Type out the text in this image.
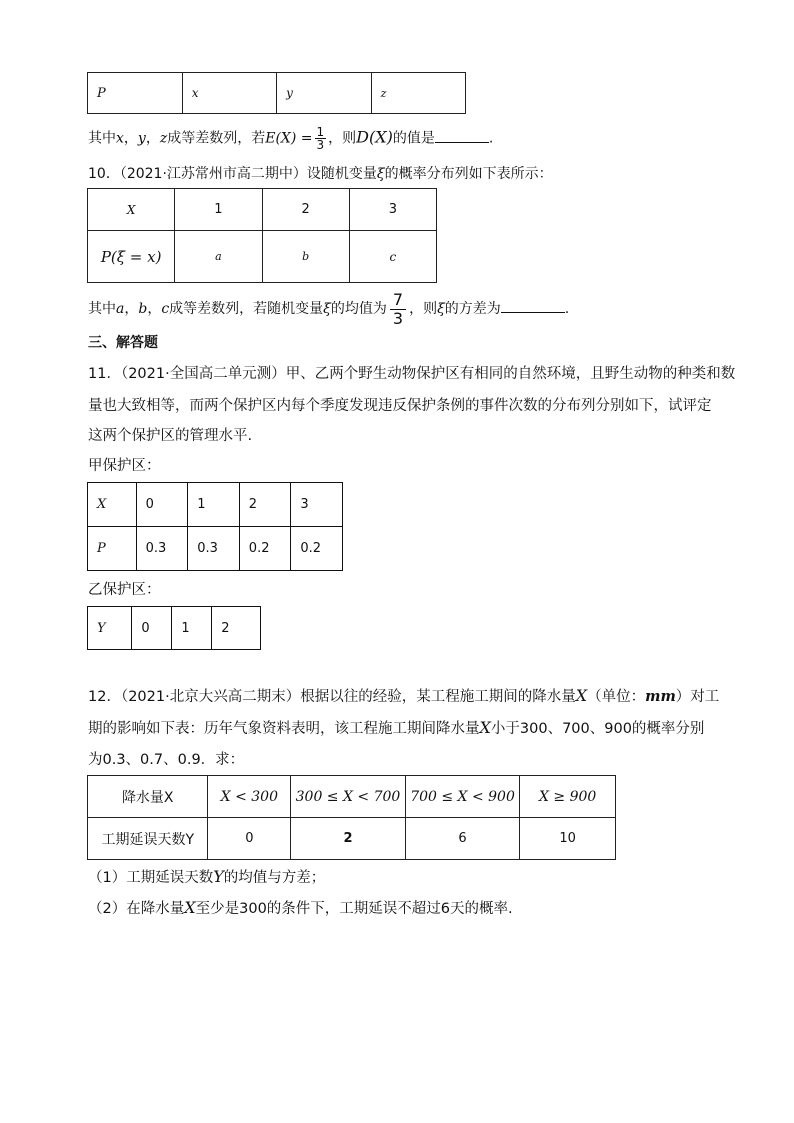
P	x	y	z
其中x，y，z成等差数列，若$E(X) = \frac{1}{3}$ ，则D(X)的值是	.
10．（2021·江苏常州市高二期中）设随机变量ξ的概率分布列如下表所示：
X	1	2	3
P(ξ = x)	a	b	c
其中a，b，c成等差数列，若随机变量ξ的均值为 $\frac{7}{3}$ ，则ξ的方差为	.
三、解答题
11．（2021·全国高二单元测）甲、乙两个野生动物保护区有相同的自然环境，且野生动物的种类和数
量也大致相等，而两个保护区内每个季度发现违反保护条例的事件次数的分布列分别如下，试评定
这两个保护区的管理水平.
甲保护区：
X	0	1	2	3
P	0.3	0.3	0.2	0.2
乙保护区：
Y	0	1	2
12．（2021·北京大兴高二期末）根据以往的经验，某工程施工期间的降水量X（单位：mm）对工
期的影响如下表：历年气象资料表明，该工程施工期间降水量X小于300、700、900的概率分别
为0.3、0.7、0.9．求：
降水量X	X < 300	300 ≤ X < 700	700 ≤ X < 900	X ≥ 900
工期延误天数Y	0	2	6	10
（1）工期延误天数Y的均值与方差；
（2）在降水量X至少是300的条件下，工期延误不超过6天的概率.
